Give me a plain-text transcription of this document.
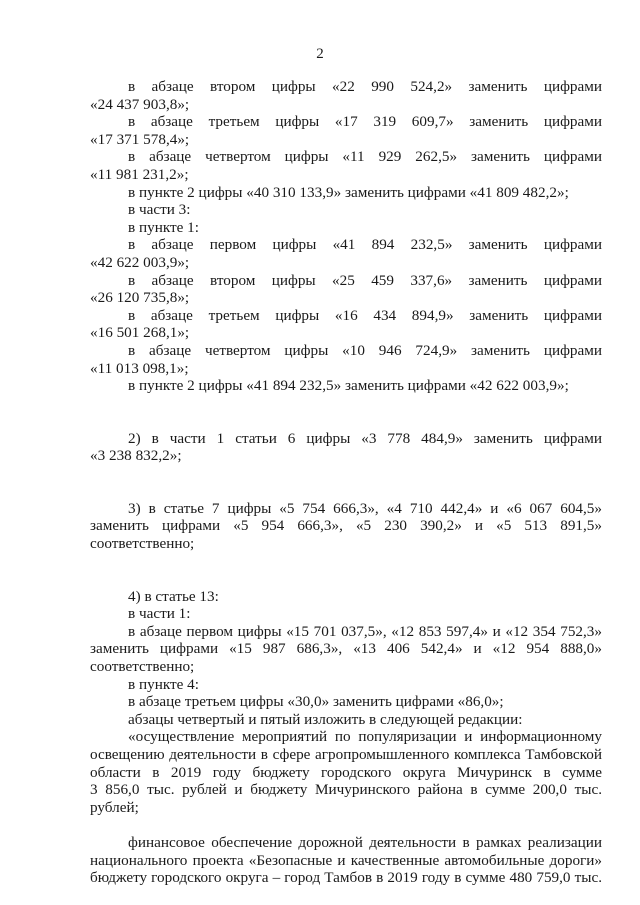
2
в абзаце втором цифры «22 990 524,2» заменить цифрами
«24 437 903,8»;
в абзаце третьем цифры «17 319 609,7» заменить цифрами
«17 371 578,4»;
в абзаце четвертом цифры «11 929 262,5» заменить цифрами
«11 981 231,2»;
в пункте 2 цифры «40 310 133,9» заменить цифрами «41 809 482,2»;
в части 3:
в пункте 1:
в абзаце первом цифры «41 894 232,5» заменить цифрами
«42 622 003,9»;
в абзаце втором цифры «25 459 337,6» заменить цифрами
«26 120 735,8»;
в абзаце третьем цифры «16 434 894,9» заменить цифрами
«16 501 268,1»;
в абзаце четвертом цифры «10 946 724,9» заменить цифрами
«11 013 098,1»;
в пункте 2 цифры «41 894 232,5» заменить цифрами «42 622 003,9»;
2) в части 1 статьи 6 цифры «3 778 484,9» заменить цифрами
«3 238 832,2»;
3) в статье 7 цифры «5 754 666,3», «4 710 442,4» и «6 067 604,5»
заменить цифрами «5 954 666,3», «5 230 390,2» и «5 513 891,5»
соответственно;
4) в статье 13:
в части 1:
в абзаце первом цифры «15 701 037,5», «12 853 597,4» и «12 354 752,3»
заменить цифрами «15 987 686,3», «13 406 542,4» и «12 954 888,0»
соответственно;
в пункте 4:
в абзаце третьем цифры «30,0» заменить цифрами «86,0»;
абзацы четвертый и пятый изложить в следующей редакции:
«осуществление мероприятий по популяризации и информационному
освещению деятельности в сфере агропромышленного комплекса Тамбовской
области в 2019 году бюджету городского округа Мичуринск в сумме
3 856,0 тыс. рублей и бюджету Мичуринского района в сумме 200,0 тыс.
рублей;
финансовое обеспечение дорожной деятельности в рамках реализации
национального проекта «Безопасные и качественные автомобильные дороги»
бюджету городского округа – город Тамбов в 2019 году в сумме 480 759,0 тыс.
